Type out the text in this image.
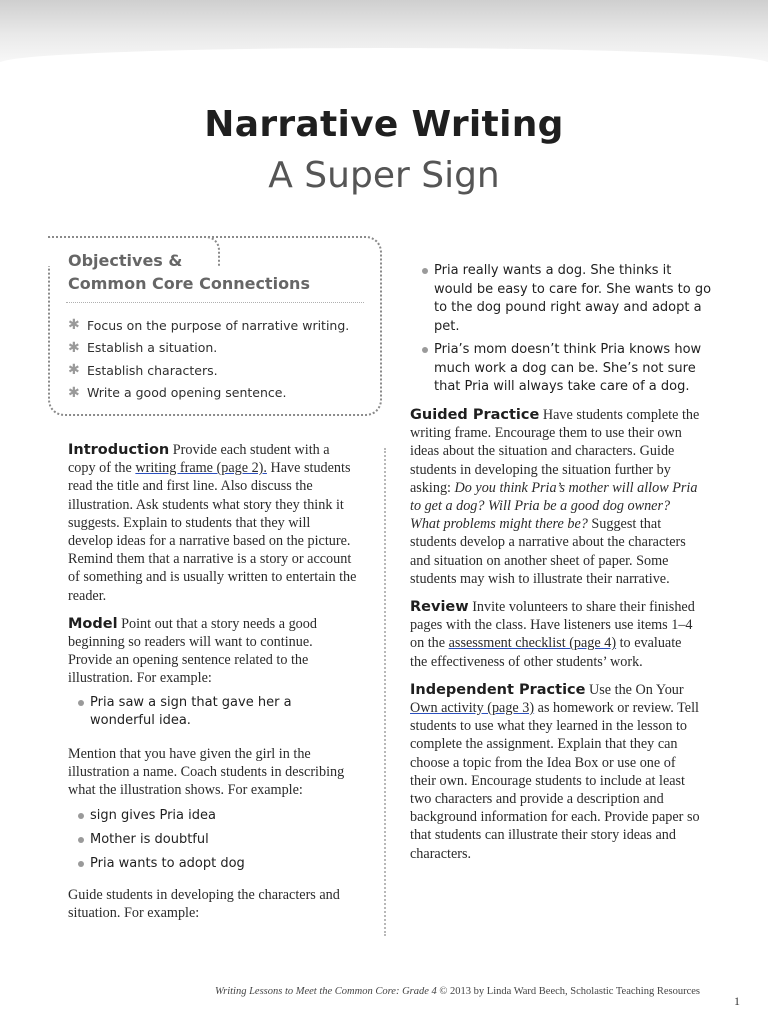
Narrative Writing
A Super Sign
Objectives &
Common Core Connections
✱ Focus on the purpose of narrative writing.
✱ Establish a situation.
✱ Establish characters.
✱ Write a good opening sentence.
Pria really wants a dog. She thinks it would be easy to care for. She wants to go to the dog pound right away and adopt a pet.
Pria’s mom doesn’t think Pria knows how much work a dog can be. She’s not sure that Pria will always take care of a dog.

Introduction Provide each student with a copy of the writing frame (page 2). Have students read the title and first line. Also discuss the illustration. Ask students what story they think it suggests. Explain to students that they will develop ideas for a narrative based on the picture. Remind them that a narrative is a story or account of something and is usually written to entertain the reader.

Model Point out that a story needs a good beginning so readers will want to continue. Provide an opening sentence related to the illustration. For example:

Pria saw a sign that gave her a wonderful idea.

Mention that you have given the girl in the illustration a name. Coach students in describing what the illustration shows. For example:

sign gives Pria idea
Mother is doubtful
Pria wants to adopt dog

Guide students in developing the characters and situation. For example:

Guided Practice Have students complete the writing frame. Encourage them to use their own ideas about the situation and characters. Guide students in developing the situation further by asking: Do you think Pria’s mother will allow Pria to get a dog? Will Pria be a good dog owner? What problems might there be? Suggest that students develop a narrative about the characters and situation on another sheet of paper. Some students may wish to illustrate their narrative.

Review Invite volunteers to share their finished pages with the class. Have listeners use items 1–4 on the assessment checklist (page 4) to evaluate the effectiveness of other students’ work.

Independent Practice Use the On Your Own activity (page 3) as homework or review. Tell students to use what they learned in the lesson to complete the assignment. Explain that they can choose a topic from the Idea Box or use one of their own. Encourage students to include at least two characters and provide a description and background information for each. Provide paper so that students can illustrate their story ideas and characters.

Writing Lessons to Meet the Common Core: Grade 4 © 2013 by Linda Ward Beech, Scholastic Teaching Resources
1
